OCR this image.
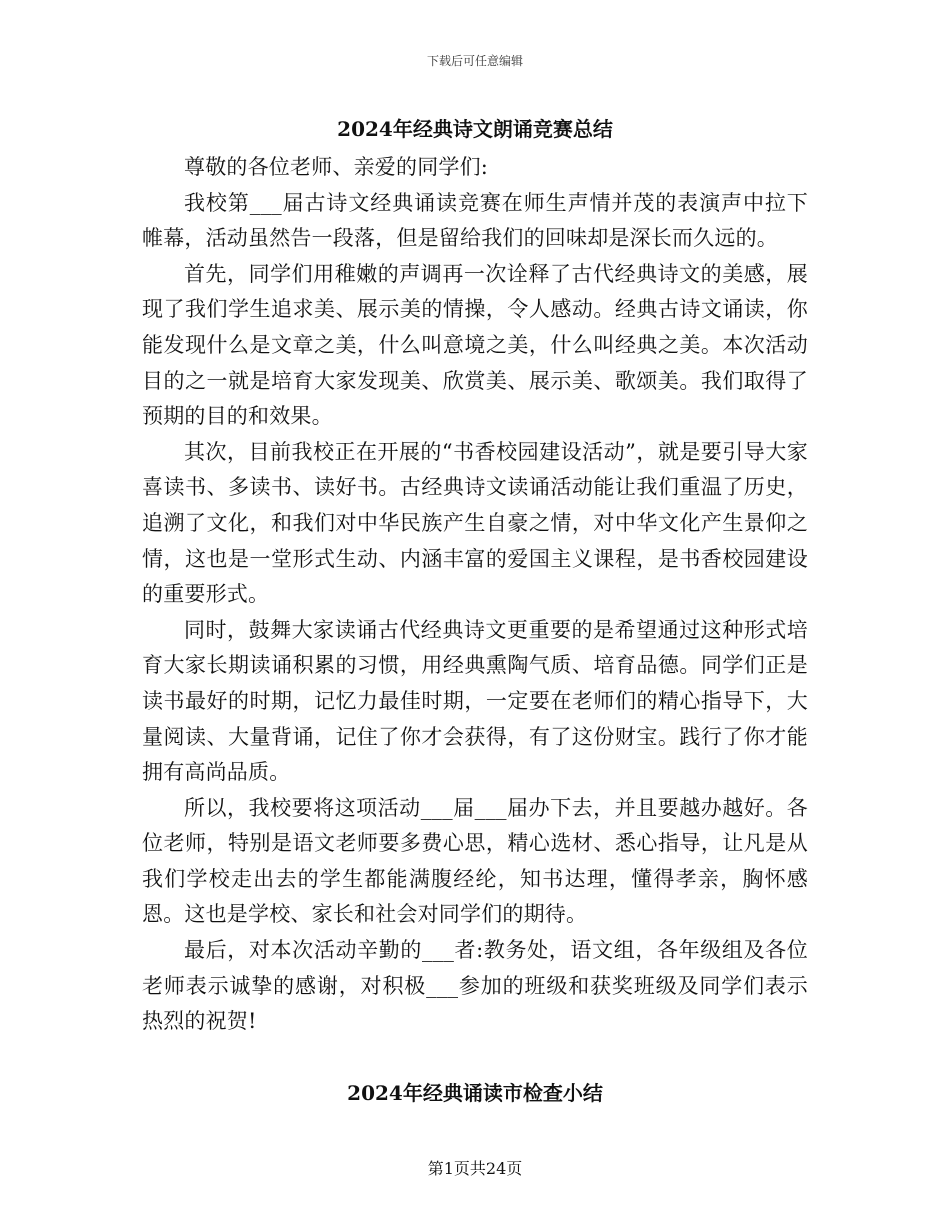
下载后可任意编辑
2024年经典诗文朗诵竞赛总结

尊敬的各位老师、亲爱的同学们:

我校第___届古诗文经典诵读竞赛在师生声情并茂的表演声中拉下帷幕，活动虽然告一段落，但是留给我们的回味却是深长而久远的。

首先，同学们用稚嫩的声调再一次诠释了古代经典诗文的美感，展现了我们学生追求美、展示美的情操，令人感动。经典古诗文诵读，你能发现什么是文章之美，什么叫意境之美，什么叫经典之美。本次活动目的之一就是培育大家发现美、欣赏美、展示美、歌颂美。我们取得了预期的目的和效果。

其次，目前我校正在开展的“书香校园建设活动”，就是要引导大家喜读书、多读书、读好书。古经典诗文读诵活动能让我们重温了历史，追溯了文化，和我们对中华民族产生自豪之情，对中华文化产生景仰之情，这也是一堂形式生动、内涵丰富的爱国主义课程，是书香校园建设的重要形式。

同时，鼓舞大家读诵古代经典诗文更重要的是希望通过这种形式培育大家长期读诵积累的习惯，用经典熏陶气质、培育品德。同学们正是读书最好的时期，记忆力最佳时期，一定要在老师们的精心指导下，大量阅读、大量背诵，记住了你才会获得，有了这份财宝。践行了你才能拥有高尚品质。

所以，我校要将这项活动___届___届办下去，并且要越办越好。各位老师，特别是语文老师要多费心思，精心选材、悉心指导，让凡是从我们学校走出去的学生都能满腹经纶，知书达理，懂得孝亲，胸怀感恩。这也是学校、家长和社会对同学们的期待。

最后，对本次活动辛勤的___者:教务处，语文组，各年级组及各位老师表示诚挚的感谢，对积极___参加的班级和获奖班级及同学们表示热烈的祝贺!

2024年经典诵读市检查小结
第1页共24页
